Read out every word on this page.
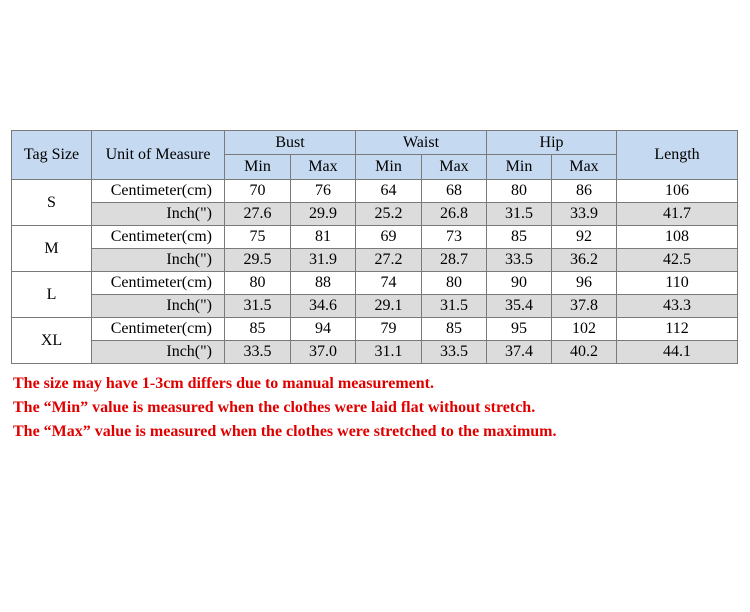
Tag Size	Unit of Measure	Bust		Waist		Hip		Length
		Min	Max	Min	Max	Min	Max	
S	Centimeter(cm)	70	76	64	68	80	86	106
	Inch(")	27.6	29.9	25.2	26.8	31.5	33.9	41.7
M	Centimeter(cm)	75	81	69	73	85	92	108
	Inch(")	29.5	31.9	27.2	28.7	33.5	36.2	42.5
L	Centimeter(cm)	80	88	74	80	90	96	110
	Inch(")	31.5	34.6	29.1	31.5	35.4	37.8	43.3
XL	Centimeter(cm)	85	94	79	85	95	102	112
	Inch(")	33.5	37.0	31.1	33.5	37.4	40.2	44.1
The size may have 1-3cm differs due to manual measurement.
The “Min” value is measured when the clothes were laid flat without stretch.
The “Max” value is measured when the clothes were stretched to the maximum.
